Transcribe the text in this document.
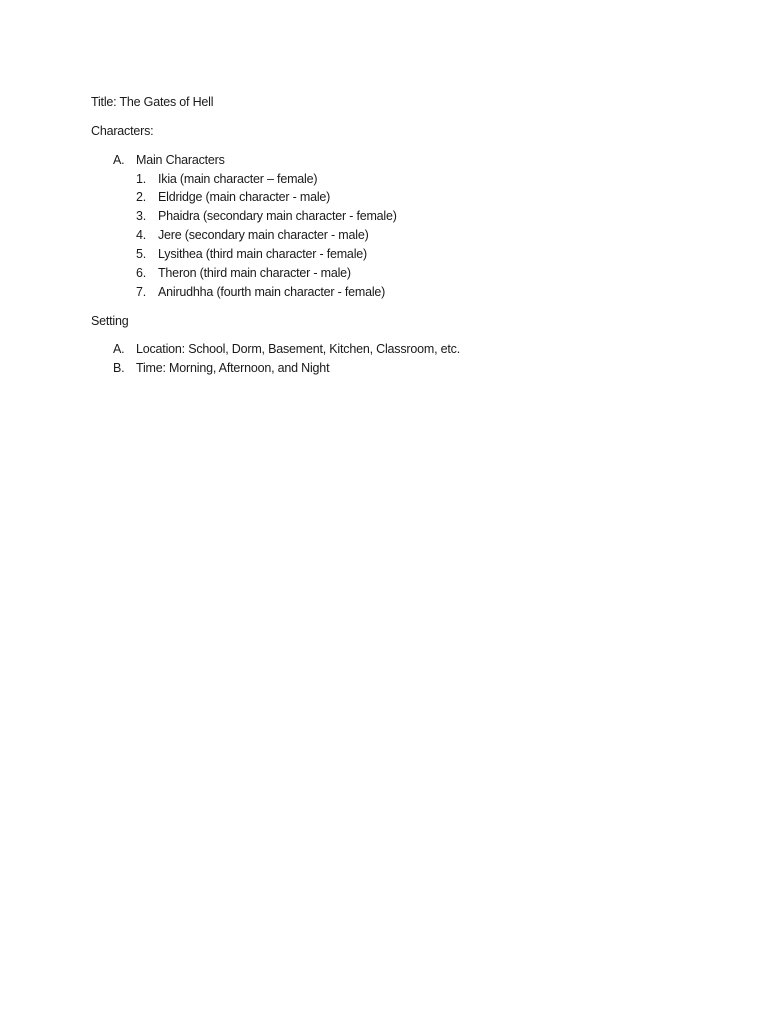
Title: The Gates of Hell
Characters:
A. Main Characters
1. Ikia (main character – female)
2. Eldridge (main character - male)
3. Phaidra (secondary main character - female)
4. Jere (secondary main character - male)
5. Lysithea (third main character - female)
6. Theron (third main character - male)
7. Anirudhha (fourth main character - female)
Setting
A. Location: School, Dorm, Basement, Kitchen, Classroom, etc.
B. Time: Morning, Afternoon, and Night
